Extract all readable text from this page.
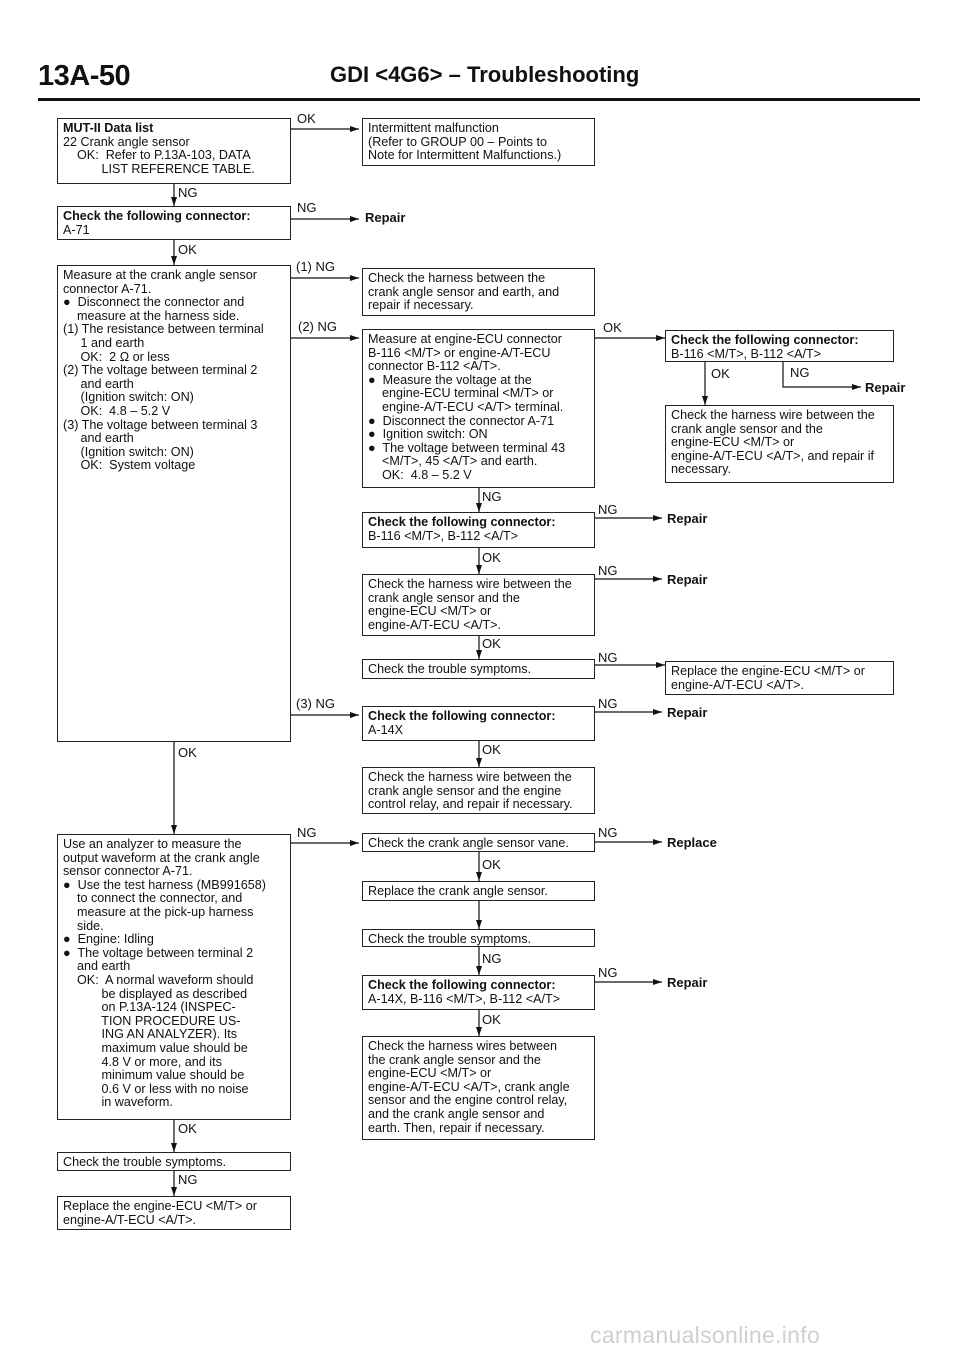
13A-50	GDI <4G6> – Troubleshooting
MUT-II Data list
22 Crank angle sensor
OK:  Refer to P.13A-103, DATA
LIST REFERENCE TABLE.
Check the following connector:
A-71
Measure at the crank angle sensor
connector A-71.
●  Disconnect the connector and
measure at the harness side.
(1) The resistance between terminal
1 and earth
OK:  2 Ω or less
(2) The voltage between terminal 2
and earth
(Ignition switch: ON)
OK:  4.8 – 5.2 V
(3) The voltage between terminal 3
and earth
(Ignition switch: ON)
OK:  System voltage
Use an analyzer to measure the
output waveform at the crank angle
sensor connector A-71.
●  Use the test harness (MB991658)
to connect the connector, and
measure at the pick-up harness
side.
●  Engine: Idling
●  The voltage between terminal 2
and earth
OK:  A normal waveform should
be displayed as described
on P.13A-124 (INSPEC-
TION PROCEDURE US-
ING AN ANALYZER). Its
maximum value should be
4.8 V or more, and its
minimum value should be
0.6 V or less with no noise
in waveform.
Check the trouble symptoms.
Replace the engine-ECU <M/T> or
engine-A/T-ECU <A/T>.
Intermittent malfunction
(Refer to GROUP 00 – Points to
Note for Intermittent Malfunctions.)
Check the harness between the
crank angle sensor and earth, and
repair if necessary.
Measure at engine-ECU connector
B-116 <M/T> or engine-A/T-ECU
connector B-112 <A/T>.
●  Measure the voltage at the
engine-ECU terminal <M/T> or
engine-A/T-ECU <A/T> terminal.
●  Disconnect the connector A-71
●  Ignition switch: ON
●  The voltage between terminal 43
<M/T>, 45 <A/T> and earth.
OK:  4.8 – 5.2 V
Check the following connector:
B-116 <M/T>, B-112 <A/T>
Check the harness wire between the
crank angle sensor and the
engine-ECU <M/T> or
engine-A/T-ECU <A/T>.
Check the trouble symptoms.
Check the following connector:
A-14X
Check the harness wire between the
crank angle sensor and the engine
control relay, and repair if necessary.
Check the crank angle sensor vane.
Replace the crank angle sensor.
Check the trouble symptoms.
Check the following connector:
A-14X, B-116 <M/T>, B-112 <A/T>
Check the harness wires between
the crank angle sensor and the
engine-ECU <M/T> or
engine-A/T-ECU <A/T>, crank angle
sensor and the engine control relay,
and the crank angle sensor and
earth. Then, repair if necessary.
Check the following connector:
B-116 <M/T>, B-112 <A/T>
Check the harness wire between the
crank angle sensor and the
engine-ECU <M/T> or
engine-A/T-ECU <A/T>, and repair if
necessary.
Replace the engine-ECU <M/T> or
engine-A/T-ECU <A/T>.
OK
NG
NG
OK
(1) NG
(2) NG	OK
OK	NG
NG
NG
OK
NG
OK
NG
(3) NG	NG
OK
OK
NG	NG
OK
NG
NG
OK
OK
NG
Repair
Repair
Repair
Repair
Repair
Replace
Repair
carmanualsonline.info
